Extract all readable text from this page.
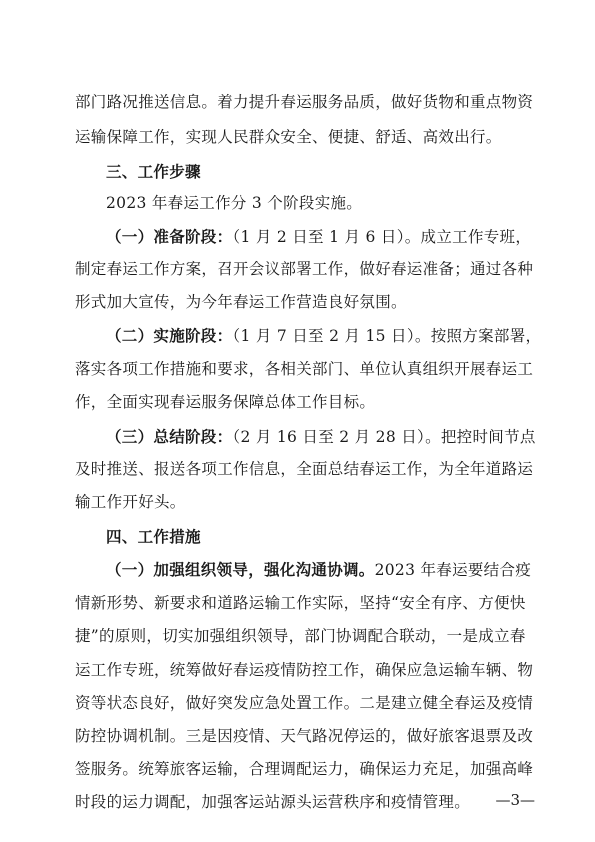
部门路况推送信息。着力提升春运服务品质，做好货物和重点物资
运输保障工作，实现人民群众安全、便捷、舒适、高效出行。
三、工作步骤
2023 年春运工作分 3 个阶段实施。
（一）准备阶段：（1 月 2 日至 1 月 6 日）。成立工作专班，
制定春运工作方案，召开会议部署工作，做好春运准备；通过各种
形式加大宣传，为今年春运工作营造良好氛围。
（二）实施阶段：（1 月 7 日至 2 月 15 日）。按照方案部署，
落实各项工作措施和要求，各相关部门、单位认真组织开展春运工
作，全面实现春运服务保障总体工作目标。
（三）总结阶段：（2 月 16 日至 2 月 28 日）。把控时间节点
及时推送、报送各项工作信息，全面总结春运工作，为全年道路运
输工作开好头。
四、工作措施
（一）加强组织领导，强化沟通协调。2023 年春运要结合疫
情新形势、新要求和道路运输工作实际，坚持“安全有序、方便快
捷”的原则，切实加强组织领导，部门协调配合联动，一是成立春
运工作专班，统筹做好春运疫情防控工作，确保应急运输车辆、物
资等状态良好，做好突发应急处置工作。二是建立健全春运及疫情
防控协调机制。三是因疫情、天气路况停运的，做好旅客退票及改
签服务。统筹旅客运输，合理调配运力，确保运力充足，加强高峰
时段的运力调配，加强客运站源头运营秩序和疫情管理。	—3—
